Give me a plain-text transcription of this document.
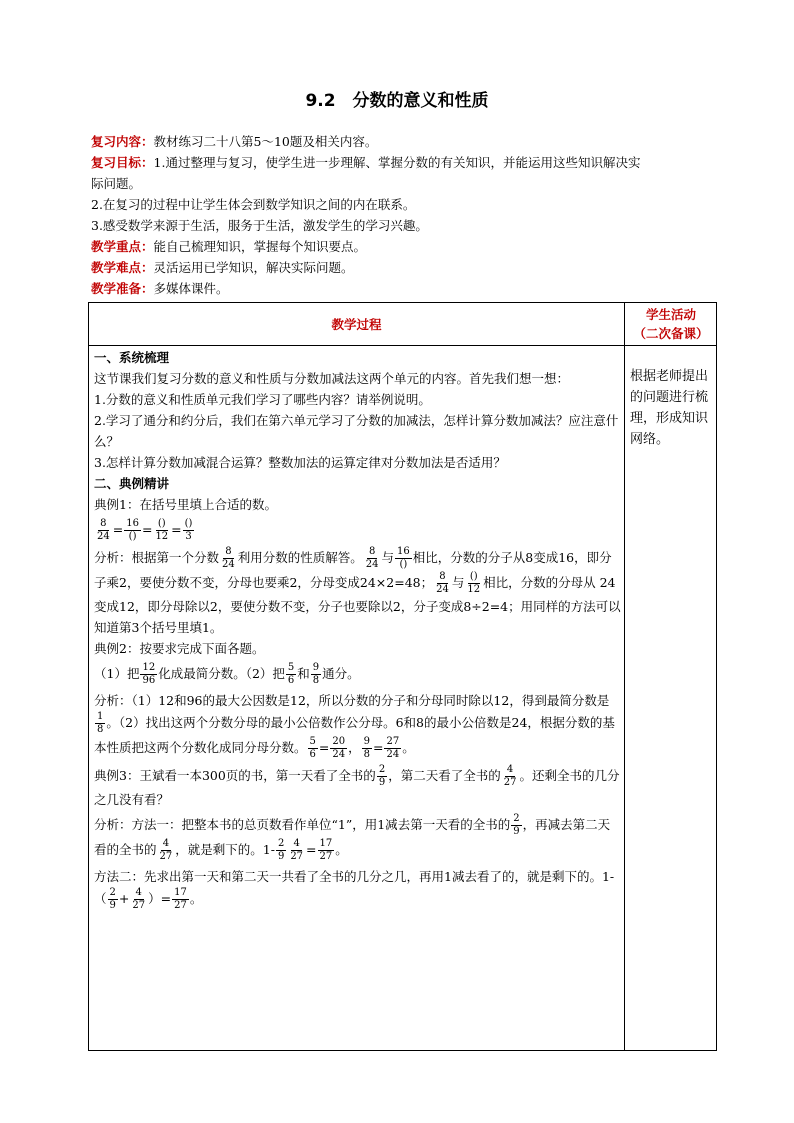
9.2　分数的意义和性质
复习内容：教材练习二十八第5～10题及相关内容。
复习目标：1.通过整理与复习，使学生进一步理解、掌握分数的有关知识，并能运用这些知识解决实
际问题。
2.在复习的过程中让学生体会到数学知识之间的内在联系。
3.感受数学来源于生活，服务于生活，激发学生的学习兴趣。
教学重点：能自己梳理知识，掌握每个知识要点。
教学难点：灵活运用已学知识，解决实际问题。
教学准备：多媒体课件。
教学过程
学生活动
（二次备课）
根据老师提出的问题进行梳理，形成知识网络。
一、系统梳理
这节课我们复习分数的意义和性质与分数加减法这两个单元的内容。首先我们想一想：
1.分数的意义和性质单元我们学习了哪些内容？请举例说明。
2.学习了通分和约分后，我们在第六单元学习了分数的加减法，怎样计算分数加减法？应注意什么？
3.怎样计算分数加减混合运算？整数加法的运算定律对分数加法是否适用？
二、典例精讲
典例1：在括号里填上合适的数。
$\frac{8}{24} = \frac{16}{()} = \frac{()}{12} = \frac{()}{3}$
分析：根据第一个分数 $\frac{8}{24}$ 利用分数的性质解答。 $\frac{8}{24}$ 与 $\frac{16}{()}$ 相比，分数的分子从8变成16，即分子乘2，要使分数不变，分母也要乘2，分母变成24×2=48； $\frac{8}{24}$ 与 $\frac{()}{12}$ 相比，分数的分母从 24变成12，即分母除以2，要使分数不变，分子也要除以2，分子变成8÷2=4；用同样的方法可以知道第3个括号里填1。
典例2：按要求完成下面各题。
（1）把 $\frac{12}{96}$ 化成最简分数。（2）把 $\frac{5}{6}$ 和 $\frac{9}{8}$ 通分。
分析：（1）12和96的最大公因数是12，所以分数的分子和分母同时除以12，得到最简分数是
$\frac{1}{8}$ 。（2）找出这两个分数分母的最小公倍数作公分母。6和8的最小公倍数是24，根据分数的基本性质把这两个分数化成同分母分数。 $\frac{5}{6} = \frac{20}{24}$ ， $\frac{9}{8} = \frac{27}{24}$ 。
典例3：王斌看一本300页的书，第一天看了全书的 $\frac{2}{9}$ ，第二天看了全书的 $\frac{4}{27}$ 。还剩全书的几分之几没有看？
分析：方法一：把整本书的总页数看作单位“1”，用1减去第一天看的全书的 $\frac{2}{9}$ ，再减去第二天看的全书的 $\frac{4}{27}$ ，就是剩下的。$1- \frac{2}{9} \frac{4}{27} = \frac{17}{27}$ 。
方法二：先求出第一天和第二天一共看了全书的几分之几，再用1减去看了的，就是剩下的。$1-( \frac{2}{9} + \frac{4}{27}$ ）= $\frac{17}{27}$ 。
